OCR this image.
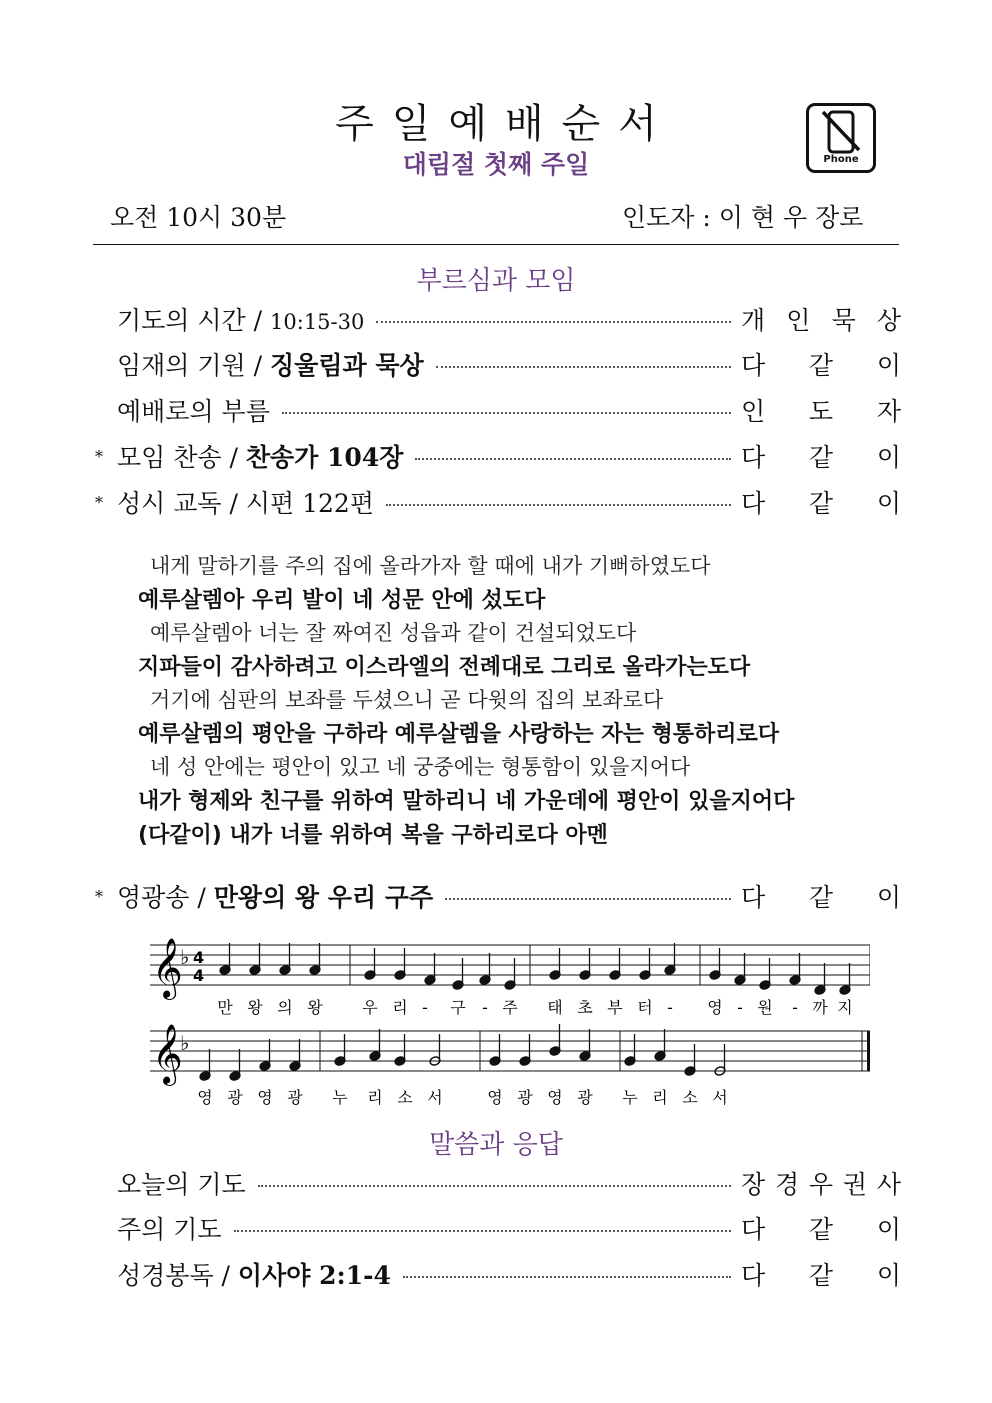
주일예배순서
대림절 첫째 주일	Phone
오전 10시 30분	인도자 : 이 현 우 장로
부르심과 모임
기도의 시간 / 10:15-30	개 인 묵 상
임재의 기원 / 징울림과 묵상	다 같 이
예배로의 부름	인 도 자
* 모임 찬송 / 찬송가 104장	다 같 이
* 성시 교독 / 시편 122편	다 같 이
내게 말하기를 주의 집에 올라가자 할 때에 내가 기뻐하였도다
예루살렘아 우리 발이 네 성문 안에 섰도다
예루살렘아 너는 잘 짜여진 성읍과 같이 건설되었도다
지파들이 감사하려고 이스라엘의 전례대로 그리로 올라가는도다
거기에 심판의 보좌를 두셨으니 곧 다윗의 집의 보좌로다
예루살렘의 평안을 구하라 예루살렘을 사랑하는 자는 형통하리로다
네 성 안에는 평안이 있고 네 궁중에는 형통함이 있을지어다
내가 형제와 친구를 위하여 말하리니 네 가운데에 평안이 있을지어다
(다같이) 내가 너를 위하여 복을 구하리로다 아멘
* 영광송 / 만왕의 왕 우리 구주	다 같 이
𝄞
♭ 4
4
𝄞
♭
만 왕 의 왕 우 리 - 구 - 주 태 초 부 터 - 영 - 원 - 까 지
영 광 영 광 누 리 소 서	영 광 영 광 누 리 소 서
말씀과 응답
오늘의 기도	장 경 우 권 사
주의 기도	다 같 이
성경봉독 / 이사야 2:1-4	다 같 이
